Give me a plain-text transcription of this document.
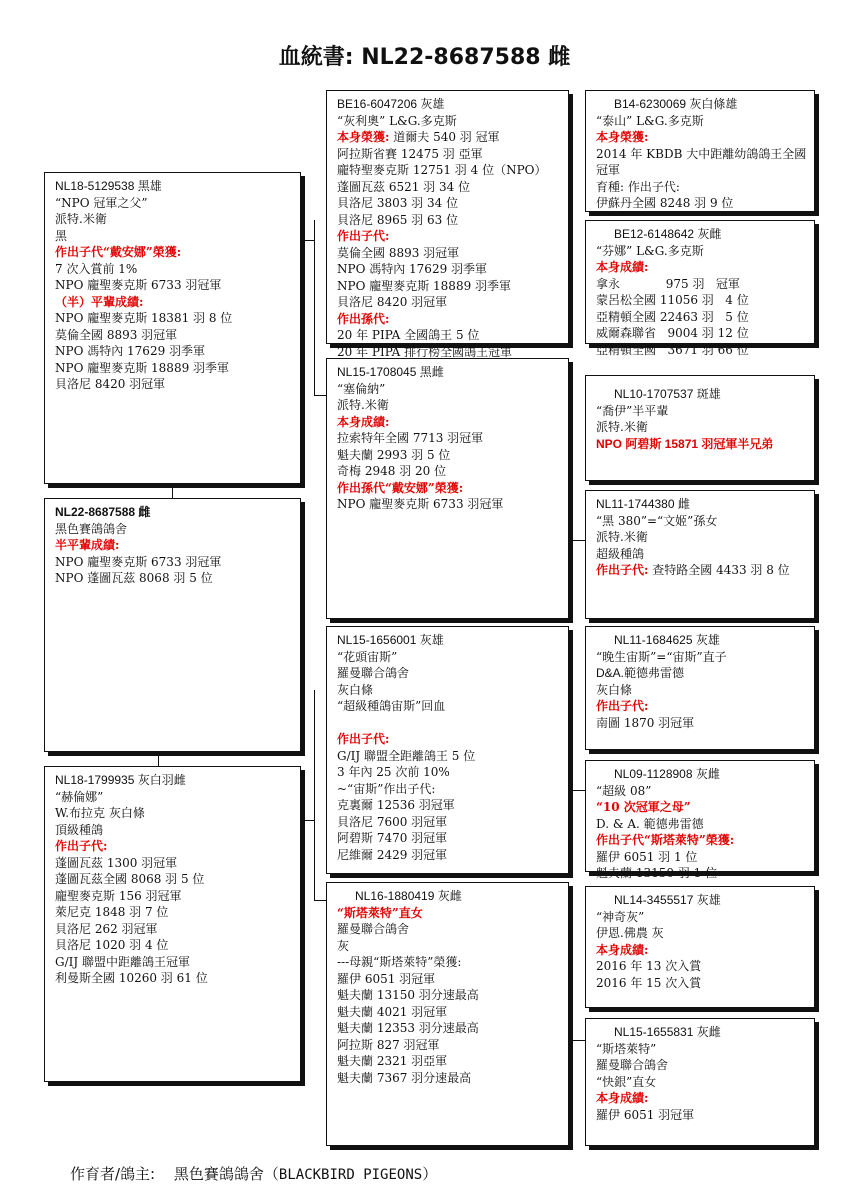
血統書: NL22-8687588 雌
NL18-5129538 黑雄
“NPO 冠軍之父”
派特.米衛
黑
作出子代“戴安娜”榮獲:
7 次入賞前 1%
NPO 龐聖麥克斯 6733 羽冠軍
（半）平輩成績:
NPO 龐聖麥克斯 18381 羽 8 位
莫倫全國 8893 羽冠軍
NPO 馮特內 17629 羽季軍
NPO 龐聖麥克斯 18889 羽季軍
貝洛尼 8420 羽冠軍
NL22-8687588 雌
黑色賽鴿鴿舍
半平輩成績:
NPO 龐聖麥克斯 6733 羽冠軍
NPO 蓬圖瓦茲 8068 羽 5 位
NL18-1799935 灰白羽雌
“赫倫娜”
W.布拉克 灰白條
頂級種鴿
作出子代:
蓬圖瓦茲 1300 羽冠軍
蓬圖瓦茲全國 8068 羽 5 位
龐聖麥克斯 156 羽冠軍
萊尼克 1848 羽 7 位
貝洛尼 262 羽冠軍
貝洛尼 1020 羽 4 位
G/IJ 聯盟中距離鴿王冠軍
利曼斯全國 10260 羽 61 位
BE16-6047206 灰雄
“灰利奧” L&G.多克斯
本身榮獲: 道爾夫 540 羽 冠軍
阿拉斯省賽 12475 羽 亞軍
龐特聖麥克斯 12751 羽 4 位（NPO）
蓬圖瓦茲 6521 羽 34 位
貝洛尼 3803 羽 34 位
貝洛尼 8965 羽 63 位
作出子代:
莫倫全國 8893 羽冠軍
NPO 馮特內 17629 羽季軍
NPO 龐聖麥克斯 18889 羽季軍
貝洛尼 8420 羽冠軍
作出孫代:
20 年 PIPA 全國鴿王 5 位
20 年 PIPA 排行榜全國鴿王冠軍
NL15-1708045 黑雌
“塞倫納”
派特.米衛
本身成績:
拉索特年全國 7713 羽冠軍
魁夫蘭 2993 羽 5 位
奇梅 2948 羽 20 位
作出孫代“戴安娜”榮獲:
NPO 龐聖麥克斯 6733 羽冠軍
NL15-1656001 灰雄
“花頭宙斯”
羅曼聯合鴿舍
灰白條
“超級種鴿宙斯”回血
作出子代:
G/IJ 聯盟全距離鴿王 5 位
3 年內 25 次前 10%
~“宙斯”作出子代:
克裏爾 12536 羽冠軍
貝洛尼 7600 羽冠軍
阿碧斯 7470 羽冠軍
尼維爾 2429 羽冠軍
NL16-1880419 灰雌
“斯塔萊特”直女
羅曼聯合鴿舍
灰
---母親“斯塔萊特”榮獲:
羅伊 6051 羽冠軍
魁夫蘭 13150 羽分速最高
魁夫蘭 4021 羽冠軍
魁夫蘭 12353 羽分速最高
阿拉斯 827 羽冠軍
魁夫蘭 2321 羽亞軍
魁夫蘭 7367 羽分速最高
B14-6230069 灰白條雄
“泰山” L&G.多克斯
本身榮獲:
2014 年 KBDB 大中距離幼鴿鴿王全國
冠軍
育種: 作出子代:
伊蘇丹全國 8248 羽 9 位
BE12-6148642 灰雌
“芬娜” L&G.多克斯
本身成績:
拿永            975 羽   冠軍
蒙呂松全國 11056 羽   4 位
亞精頓全國 22463 羽   5 位
威爾森聯省   9004 羽 12 位
亞精頓全國   3671 羽 66 位
NL10-1707537 斑雄
“喬伊”半平輩
派特.米衛
NPO 阿碧斯 15871 羽冠軍半兄弟
NL11-1744380 雌
“黑 380”=“文姬”孫女
派特.米衛
超級種鴿
作出子代: 查特路全國 4433 羽 8 位
NL11-1684625 灰雄
“晚生宙斯”=“宙斯”直子
D&A.範德弗雷德
灰白條
作出子代:
南圖 1870 羽冠軍
NL09-1128908 灰雌
“超級 08”
“10 次冠軍之母”
D. & A. 範德弗雷德
作出子代“斯塔萊特”榮獲:
羅伊 6051 羽 1 位
魁夫蘭 13150 羽 1 位
NL14-3455517 灰雄
“神奇灰”
伊恩.佛農 灰
本身成績:
2016 年 13 次入賞
2016 年 15 次入賞
NL15-1655831 灰雌
“斯塔萊特”
羅曼聯合鴿舍
“快銀”直女
本身成績:
羅伊 6051 羽冠軍
作育者/鴿主: 黑色賽鴿鴿舍（BLACKBIRD PIGEONS）
